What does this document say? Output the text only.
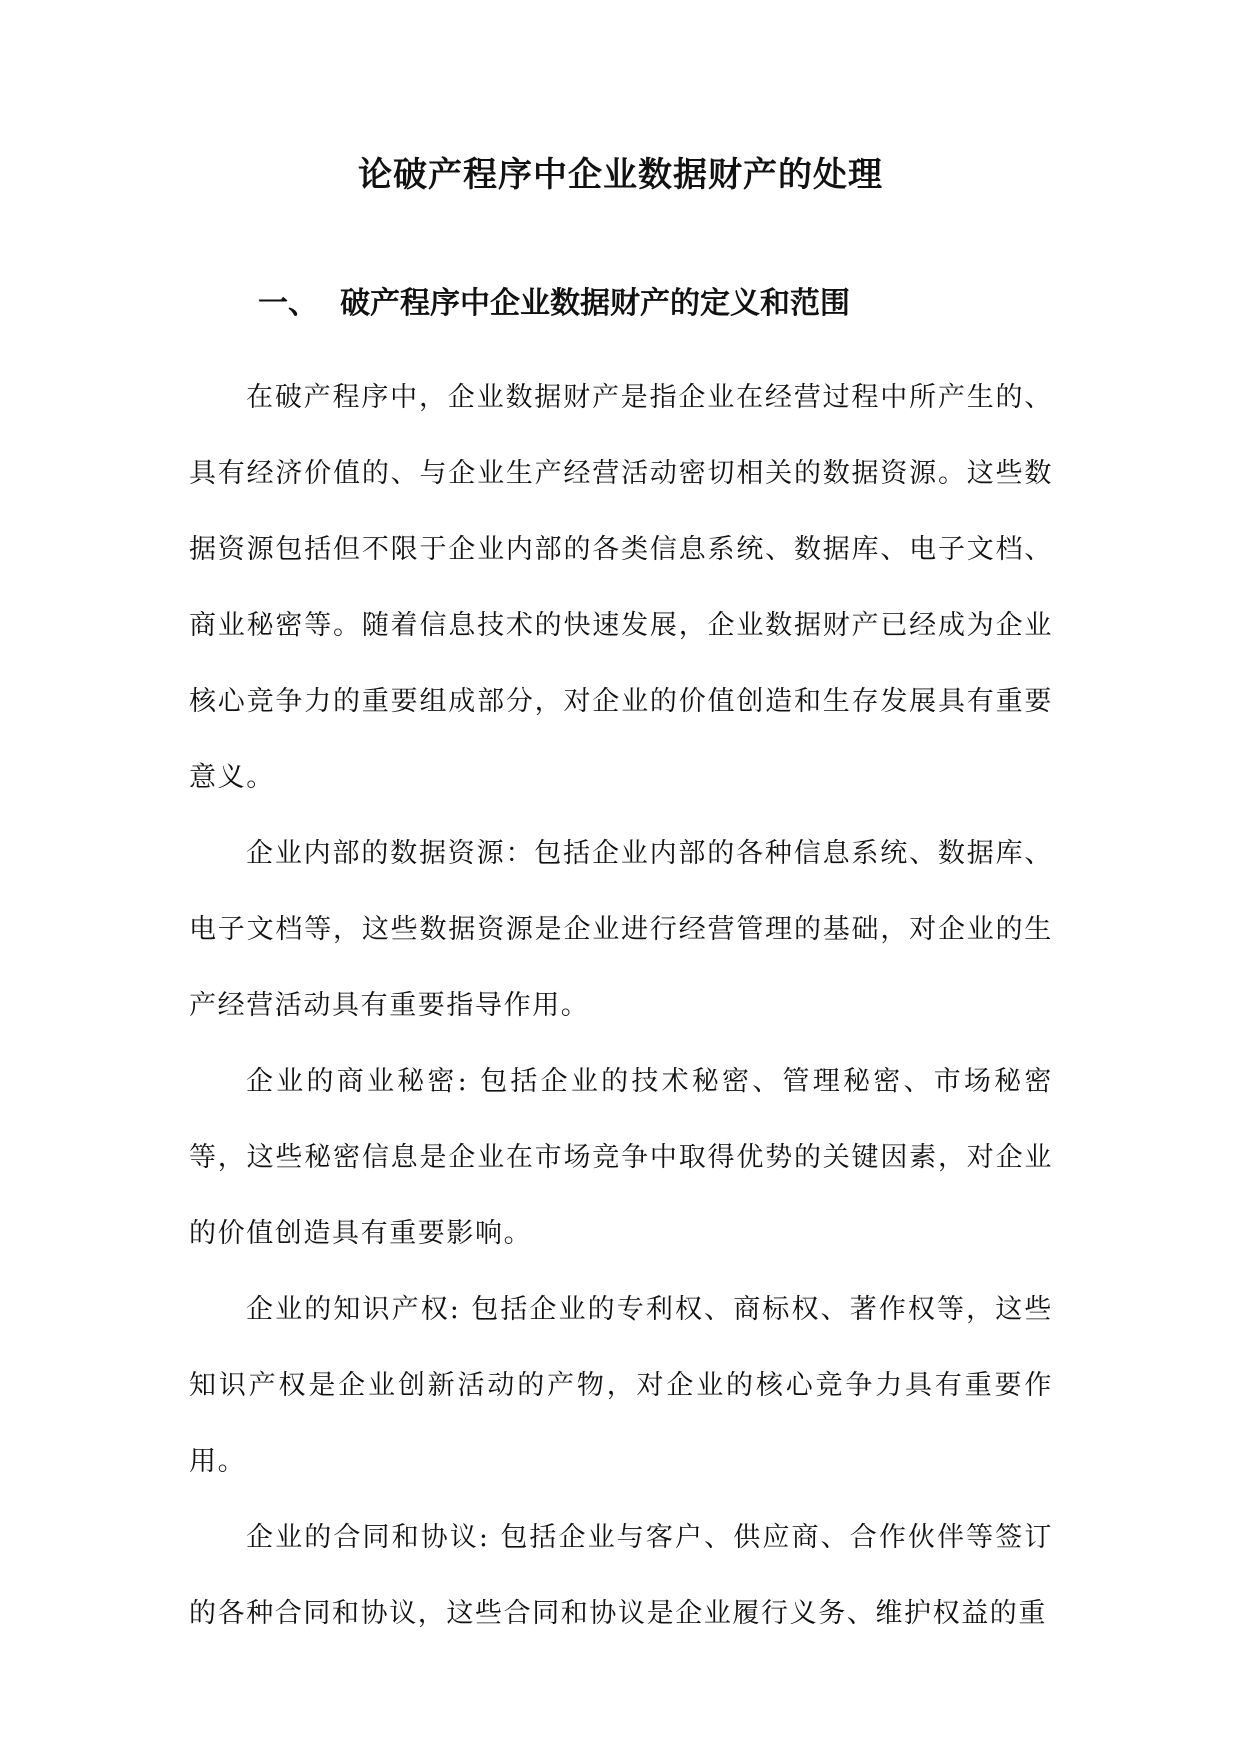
论破产程序中企业数据财产的处理
一、 破产程序中企业数据财产的定义和范围

在破产程序中，企业数据财产是指企业在经营过程中所产生的、具有经济价值的、与企业生产经营活动密切相关的数据资源。这些数据资源包括但不限于企业内部的各类信息系统、数据库、电子文档、商业秘密等。随着信息技术的快速发展，企业数据财产已经成为企业核心竞争力的重要组成部分，对企业的价值创造和生存发展具有重要意义。

企业内部的数据资源：包括企业内部的各种信息系统、数据库、电子文档等，这些数据资源是企业进行经营管理的基础，对企业的生产经营活动具有重要指导作用。

企业的商业秘密: 包括企业的技术秘密、管理秘密、市场秘密等，这些秘密信息是企业在市场竞争中取得优势的关键因素，对企业的价值创造具有重要影响。

企业的知识产权: 包括企业的专利权、商标权、著作权等，这些知识产权是企业创新活动的产物，对企业的核心竞争力具有重要作用。

企业的合同和协议: 包括企业与客户、供应商、合作伙伴等签订的各种合同和协议，这些合同和协议是企业履行义务、维护权益的重
